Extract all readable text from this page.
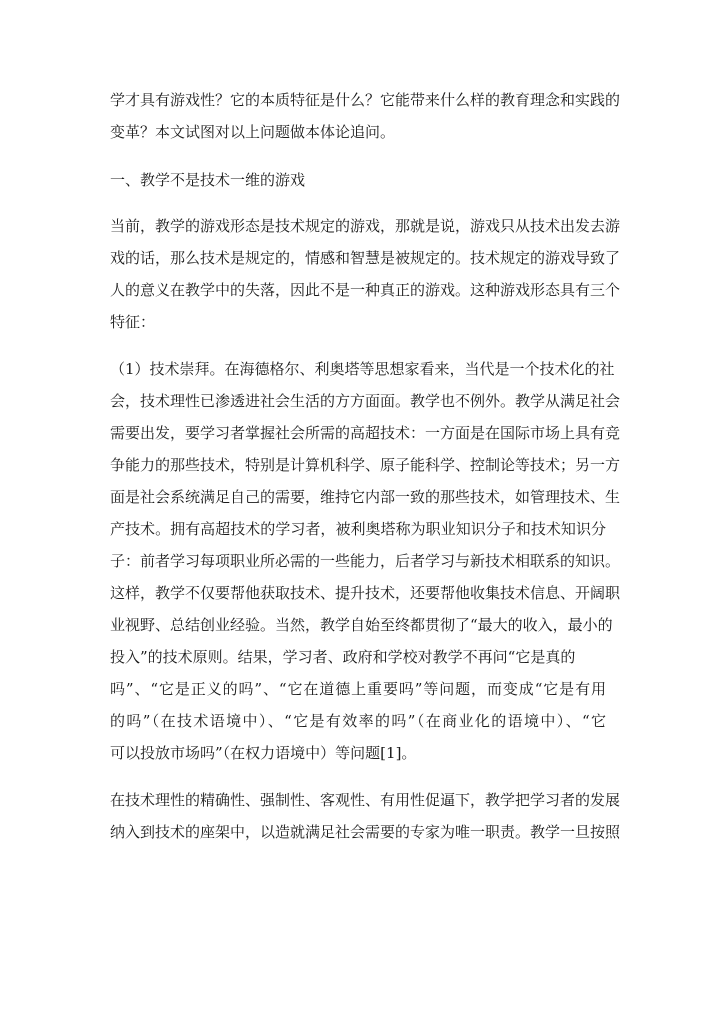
学才具有游戏性？它的本质特征是什么？它能带来什么样的教育理念和实践的

变革？本文试图对以上问题做本体论追问。

一、教学不是技术一维的游戏

当前，教学的游戏形态是技术规定的游戏，那就是说，游戏只从技术出发去游

戏的话，那么技术是规定的，情感和智慧是被规定的。技术规定的游戏导致了

人的意义在教学中的失落，因此不是一种真正的游戏。这种游戏形态具有三个

特征：

（1）技术崇拜。在海德格尔、利奥塔等思想家看来，当代是一个技术化的社

会，技术理性已渗透进社会生活的方方面面。教学也不例外。教学从满足社会

需要出发，要学习者掌握社会所需的高超技术：一方面是在国际市场上具有竞

争能力的那些技术，特别是计算机科学、原子能科学、控制论等技术；另一方

面是社会系统满足自己的需要，维持它内部一致的那些技术，如管理技术、生

产技术。拥有高超技术的学习者，被利奥塔称为职业知识分子和技术知识分

子：前者学习每项职业所必需的一些能力，后者学习与新技术相联系的知识。

这样，教学不仅要帮他获取技术、提升技术，还要帮他收集技术信息、开阔职

业视野、总结创业经验。当然，教学自始至终都贯彻了“最大的收入，最小的

投入”的技术原则。结果，学习者、政府和学校对教学不再问“它是真的

吗”、“它是正义的吗”、“它在道德上重要吗”等问题，而变成“它是有用

的吗”（在技术语境中）、“它是有效率的吗”（在商业化的语境中）、“它

可以投放市场吗”（在权力语境中）等问题[1]。

在技术理性的精确性、强制性、客观性、有用性促逼下，教学把学习者的发展

纳入到技术的座架中，以造就满足社会需要的专家为唯一职责。教学一旦按照
